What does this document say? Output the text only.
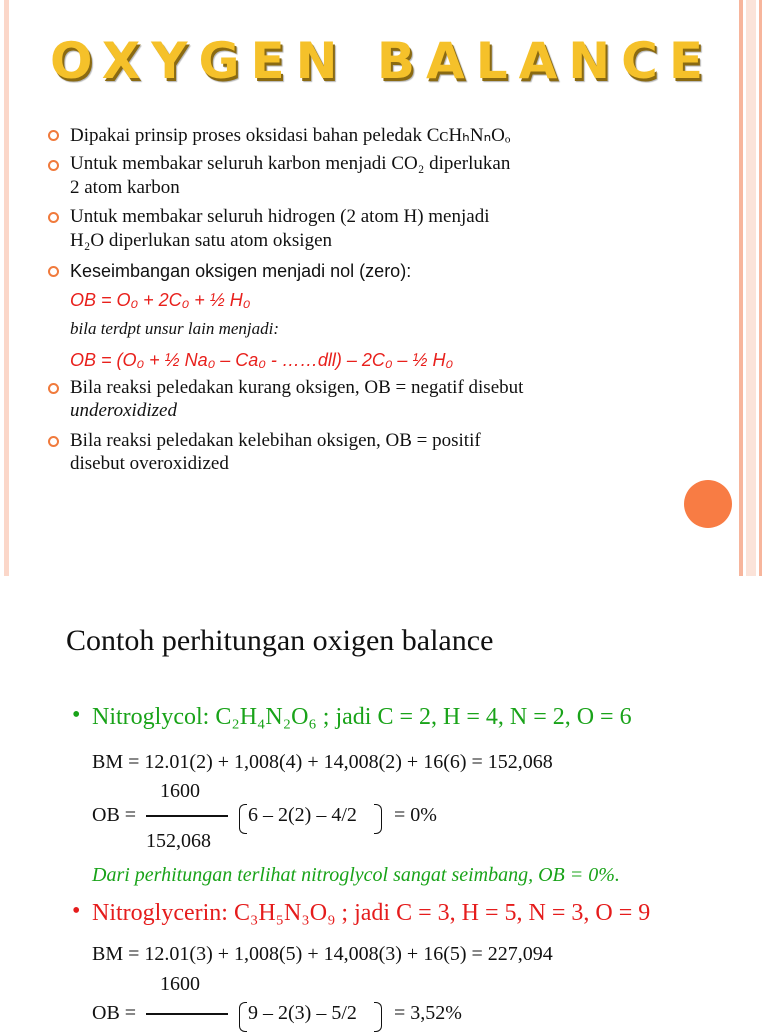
OXYGEN BALANCE
Dipakai prinsip proses oksidasi bahan peledak CᴄHₕNₙOₒ
Untuk membakar seluruh karbon menjadi CO₂ diperlukan
2 atom karbon
Untuk membakar seluruh hidrogen (2 atom H) menjadi
H₂O diperlukan satu atom oksigen
Keseimbangan oksigen menjadi nol (zero):
OB = O₀ + 2C₀ + ½ H₀
bila terdpt unsur lain menjadi:
OB = (O₀ + ½ Na₀ – Ca₀ - ……dll) – 2C₀ – ½ H₀
Bila reaksi peledakan kurang oksigen, OB = negatif disebut
underoxidized
Bila reaksi peledakan kelebihan oksigen, OB = positif
disebut overoxidized
Contoh perhitungan oxigen balance
• Nitroglycol: C₂H₄N₂O₆ ; jadi C = 2, H = 4, N = 2, O = 6
BM = 12.01(2) + 1,008(4) + 14,008(2) + 16(6) = 152,068
1600
OB =
152,068
6 – 2(2) – 4/2 = 0%
Dari perhitungan terlihat nitroglycol sangat seimbang, OB = 0%.
• Nitroglycerin: C₃H₅N₃O₉ ; jadi C = 3, H = 5, N = 3, O = 9
BM = 12.01(3) + 1,008(5) + 14,008(3) + 16(5) = 227,094
1600
OB =	9 – 2(3) – 5/2 = 3,52%
